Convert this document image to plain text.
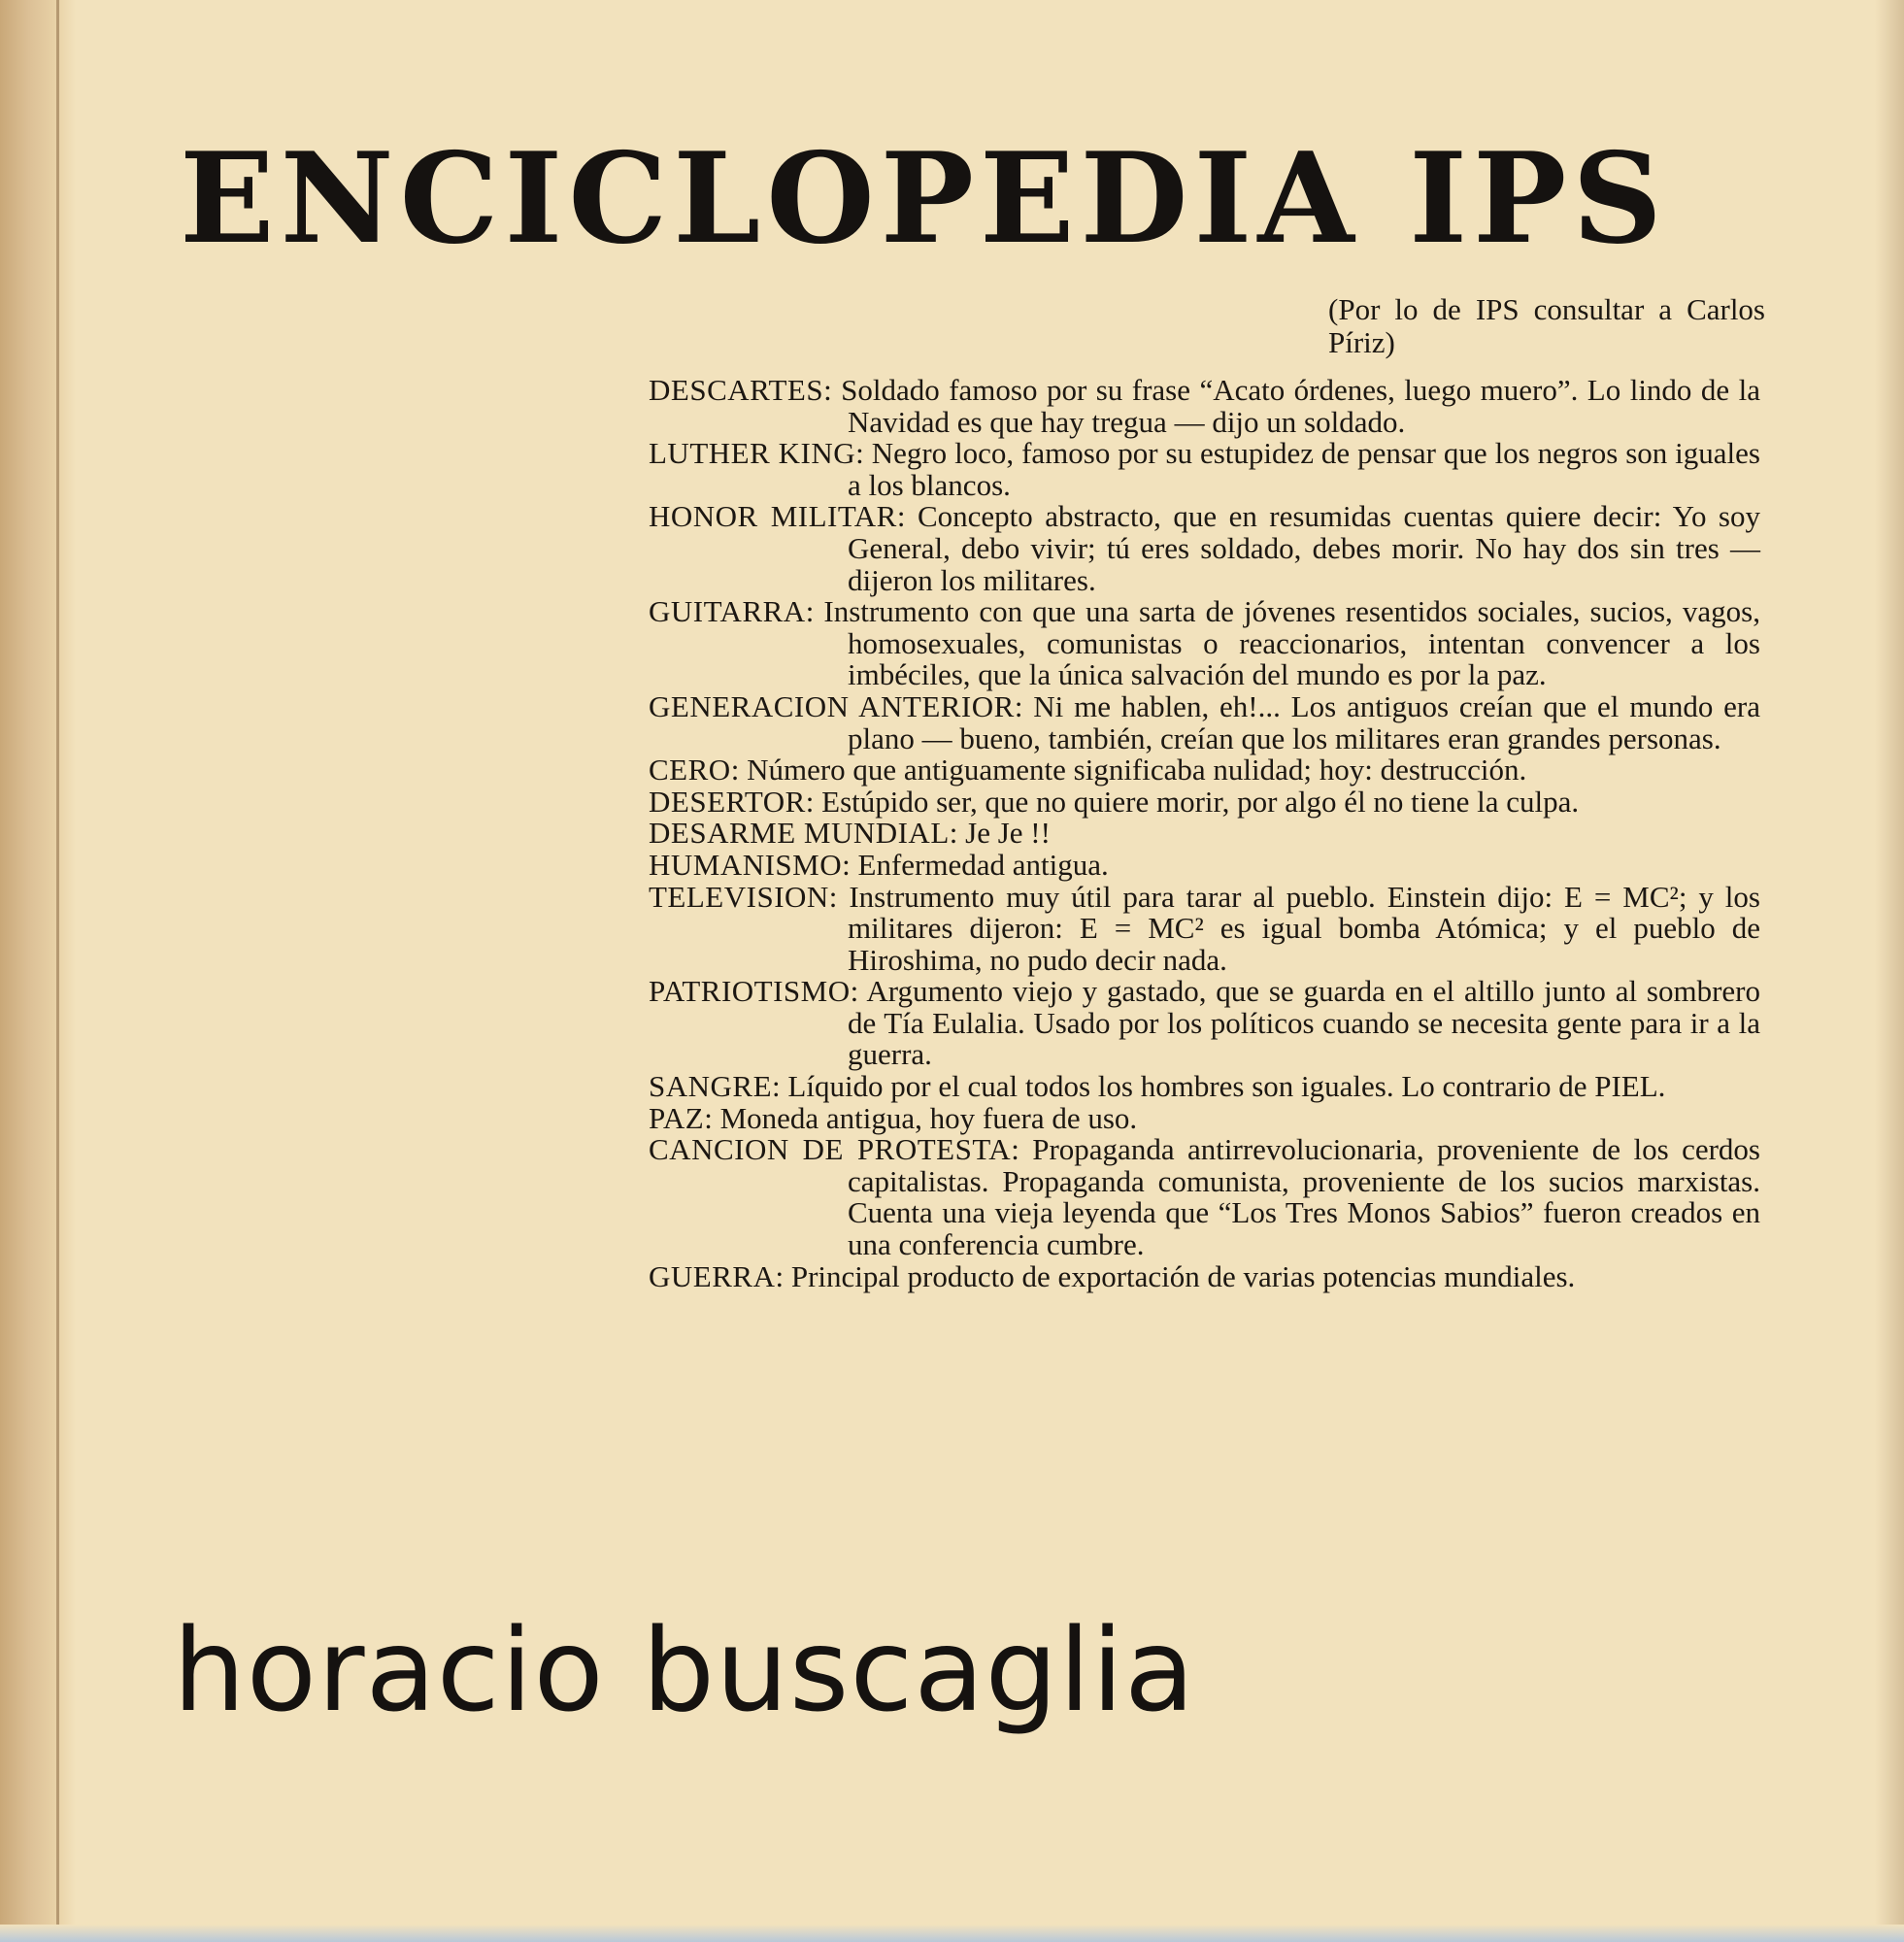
ENCICLOPEDIA IPS
(Por lo de IPS consultar a Carlos Píriz)

DESCARTES: Soldado famoso por su frase “Acato órdenes, luego muero”. Lo lindo de la Navidad es que hay tregua — dijo un soldado.

LUTHER KING: Negro loco, famoso por su estupidez de pensar que los negros son iguales a los blancos.

HONOR MILITAR: Concepto abstracto, que en resumidas cuentas quiere decir: Yo soy General, debo vivir; tú eres soldado, debes morir. No hay dos sin tres — dijeron los militares.

GUITARRA: Instrumento con que una sarta de jóvenes resentidos sociales, sucios, vagos, homosexuales, comunistas o reaccionarios, intentan convencer a los imbéciles, que la única salvación del mundo es por la paz.

GENERACION ANTERIOR: Ni me hablen, eh!... Los antiguos creían que el mundo era plano — bueno, también, creían que los militares eran grandes personas.

CERO: Número que antiguamente significaba nulidad; hoy: destrucción.

DESERTOR: Estúpido ser, que no quiere morir, por algo él no tiene la culpa.

DESARME MUNDIAL: Je Je !!

HUMANISMO: Enfermedad antigua.

TELEVISION: Instrumento muy útil para tarar al pueblo. Einstein dijo: E = MC²; y los militares dijeron: E = MC² es igual bomba Atómica; y el pueblo de Hiroshima, no pudo decir nada.

PATRIOTISMO: Argumento viejo y gastado, que se guarda en el altillo junto al sombrero de Tía Eulalia. Usado por los políticos cuando se necesita gente para ir a la guerra.

SANGRE: Líquido por el cual todos los hombres son iguales. Lo contrario de PIEL.

PAZ: Moneda antigua, hoy fuera de uso.

CANCION DE PROTESTA: Propaganda antirrevolucionaria, proveniente de los cerdos capitalistas. Propaganda comunista, proveniente de los sucios marxistas. Cuenta una vieja leyenda que “Los Tres Monos Sabios” fueron creados en una conferencia cumbre.

GUERRA: Principal producto de exportación de varias potencias mundiales.

horacio buscaglia
